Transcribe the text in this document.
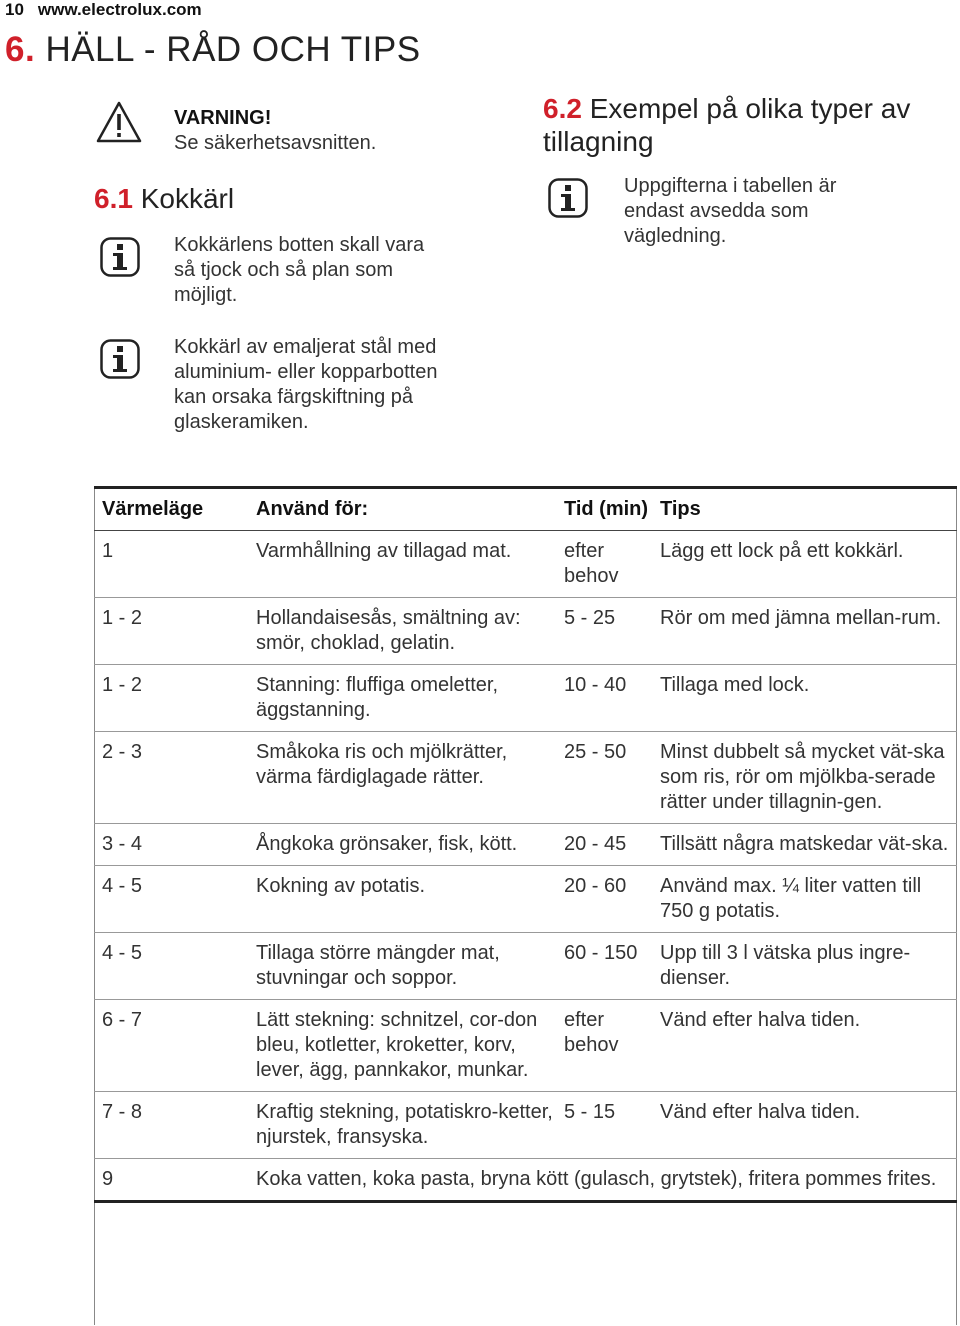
10 www.electrolux.com
6. HÄLL - RÅD OCH TIPS
VARNING!
Se säkerhetsavsnitten.
6.1 Kokkärl
Kokkärlens botten skall vara
så tjock och så plan som
möjligt.
Kokkärl av emaljerat stål med
aluminium- eller kopparbotten
kan orsaka färgskiftning på
glaskeramiken.
6.2 Exempel på olika typer av
tillagning
Uppgifterna i tabellen är
endast avsedda som
vägledning.
Värmeläge	Använd för:	Tid (min)	Tips
1	Varmhållning av tillagad mat.	efter behov	Lägg ett lock på ett kokkärl.
1 - 2	Hollandaisesås, smältning av: smör, choklad, gelatin.	5 - 25	Rör om med jämna mellan-rum.
1 - 2	Stanning: fluffiga omeletter, äggstanning.	10 - 40	Tillaga med lock.
2 - 3	Småkoka ris och mjölkrätter, värma färdiglagade rätter.	25 - 50	Minst dubbelt så mycket vät-ska som ris, rör om mjölkba-serade rätter under tillagnin-gen.
3 - 4	Ångkoka grönsaker, fisk, kött.	20 - 45	Tillsätt några matskedar vät-ska.
4 - 5	Kokning av potatis.	20 - 60	Använd max. ¼ liter vatten till 750 g potatis.
4 - 5	Tillaga större mängder mat, stuvningar och soppor.	60 - 150	Upp till 3 l vätska plus ingre-dienser.
6 - 7	Lätt stekning: schnitzel, cor-don bleu, kotletter, kroketter, korv, lever, ägg, pannkakor, munkar.	efter behov	Vänd efter halva tiden.
7 - 8	Kraftig stekning, potatiskro-ketter, njurstek, fransyska.	5 - 15	Vänd efter halva tiden.
9	Koka vatten, koka pasta, bryna kött (gulasch, grytstek), fritera pommes frites.		
